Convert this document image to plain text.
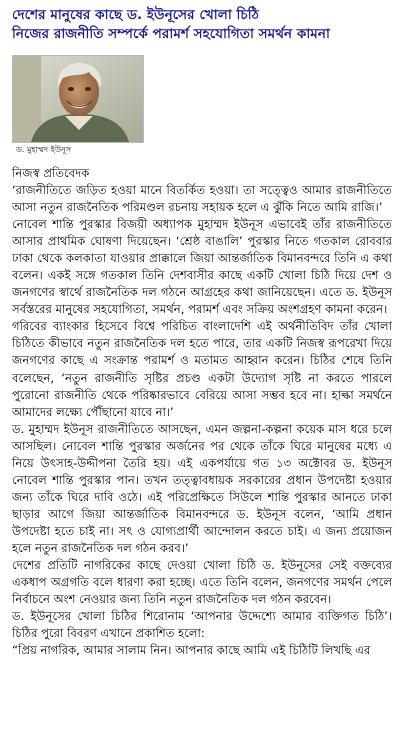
দেশের মানুষের কাছে ড. ইউনূসের খোলা চিঠি
নিজের রাজনীতি সম্পর্কে পরামর্শ সহযোগিতা সমর্থন কামনা
ড. মুহাম্মদ ইউনূস
নিজস্ব প্রতিবেদক

‘রাজনীতিতে জড়িত হওয়া মানে বিতর্কিত হওয়া। তা সত্ত্বেও আমার রাজনীতিতে আসা নতুন রাজনৈতিক পরিমণ্ডল রচনায় সহায়ক হলে এ ঝুঁকি নিতে আমি রাজি।’

নোবেল শান্তি পুরস্কার বিজয়ী অধ্যাপক মুহাম্মদ ইউনূস এভাবেই তাঁর রাজনীতিতে আসার প্রাথমিক ঘোষণা দিয়েছেন। ‘শ্রেষ্ঠ বাঙালি’ পুরস্কার নিতে গতকাল রোববার ঢাকা থেকে কলকাতা যাওয়ার প্রাক্কালে জিয়া আন্তর্জাতিক বিমানবন্দরে তিনি এ কথা বলেন। একই সঙ্গে গতকাল তিনি দেশবাসীর কাছে একটি খোলা চিঠি দিয়ে দেশ ও জনগণের স্বার্থে রাজনৈতিক দল গঠনে আগ্রহের কথা জানিয়েছেন। এতে ড. ইউনূস সর্বস্তরের মানুষের সহযোগিতা, সমর্থন, পরামর্শ এবং সক্রিয় অংশগ্রহণ কামনা করেন।

গরিবের ব্যাংকার হিসেবে বিশ্বে পরিচিত বাংলাদেশি এই অর্থনীতিবিদ তাঁর খোলা চিঠিতে কীভাবে নতুন রাজনৈতিক দল হতে পারে, তার একটি নিজস্ব রূপরেখা দিয়ে জনগণের কাছে এ সংক্রান্ত পরামর্শ ও মতামত আহ্বান করেন। চিঠির শেষে তিনি বলেছেন, ‘নতুন রাজনীতি সৃষ্টির প্রচণ্ড একটা উদ্যোগ সৃষ্টি না করতে পারলে পুরোনো রাজনীতি থেকে পরিষ্কারভাবে বেরিয়ে আসা সম্ভব হবে না। হাল্কা সমর্থনে আমাদের লক্ষ্যে পৌঁছানো যাবে না।’

ড. মুহাম্মদ ইউনূস রাজনীতিতে আসছেন, এমন জল্পনা-কল্পনা কয়েক মাস ধরে চলে আসছিল। নোবেল শান্তি পুরস্কার অর্জনের পর থেকে তাঁকে ঘিরে মানুষের মধ্যে এ নিয়ে উৎসাহ-উদ্দীপনা তৈরি হয়। এই একপর্যায়ে গত ১৩ অক্টোবর ড. ইউনূস নোবেল শান্তি পুরস্কার পান। তখন তত্ত্বাবধায়ক সরকারের প্রধান উপদেষ্টা হওয়ার জন্য তাঁকে ঘিরে দাবি ওঠে। এই পরিপ্রেক্ষিতে সিউলে শান্তি পুরস্কার আনতে ঢাকা ছাড়ার আগে জিয়া আন্তর্জাতিক বিমানবন্দরে ড. ইউনূস বলেন, ‘আমি প্রধান উপদেষ্টা হতে চাই না। সৎ ও যোগ্যপ্রার্থী আন্দোলন করতে চাই। এ জন্য প্রয়োজন হলে নতুন রাজনৈতিক দল গঠন করব।’

দেশের প্রতিটি নাগরিকের কাছে দেওয়া খোলা চিঠি ড. ইউনূসের সেই বক্তব্যের একধাপ অগ্রগতি বলে ধারণা করা হচ্ছে। এতে তিনি বলেন, জনগণের সমর্থন পেলে নির্বাচনে অংশ নেওয়ার জন্য তিনি নতুন রাজনৈতিক দল গঠন করবেন।

ড. ইউনূসের খোলা চিঠির শিরোনাম ‘আপনার উদ্দেশ্যে আমার ব্যক্তিগত চিঠি’। চিঠির পুরো বিবরণ এখানে প্রকাশিত হলো:

“প্রিয় নাগরিক, আমার সালাম নিন। আপনার কাছে আমি এই চিঠিটি লিখছি এর
